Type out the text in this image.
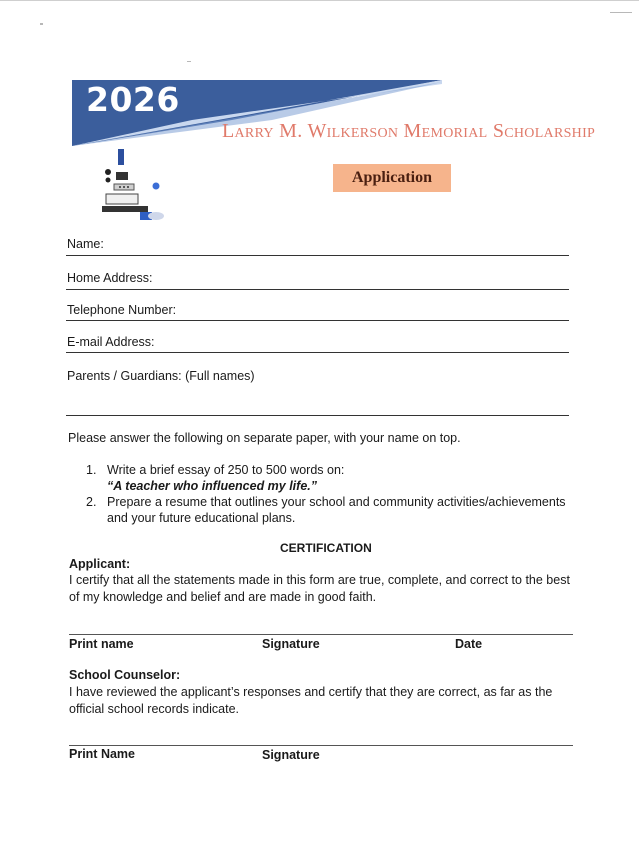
2026
Larry M. Wilkerson Memorial Scholarship
Application
Name:
Home Address:
Telephone Number:
E-mail Address:
Parents / Guardians: (Full names)
Please answer the following on separate paper, with your name on top.
1. Write a brief essay of 250 to 500 words on:
“A teacher who influenced my life.”
2. Prepare a resume that outlines your school and community activities/achievements and your future educational plans.
CERTIFICATION
Applicant:
I certify that all the statements made in this form are true, complete, and correct to the best of my knowledge and belief and are made in good faith.
Print name	Signature	Date
School Counselor:
I have reviewed the applicant’s responses and certify that they are correct, as far as the official school records indicate.
Print Name	Signature
